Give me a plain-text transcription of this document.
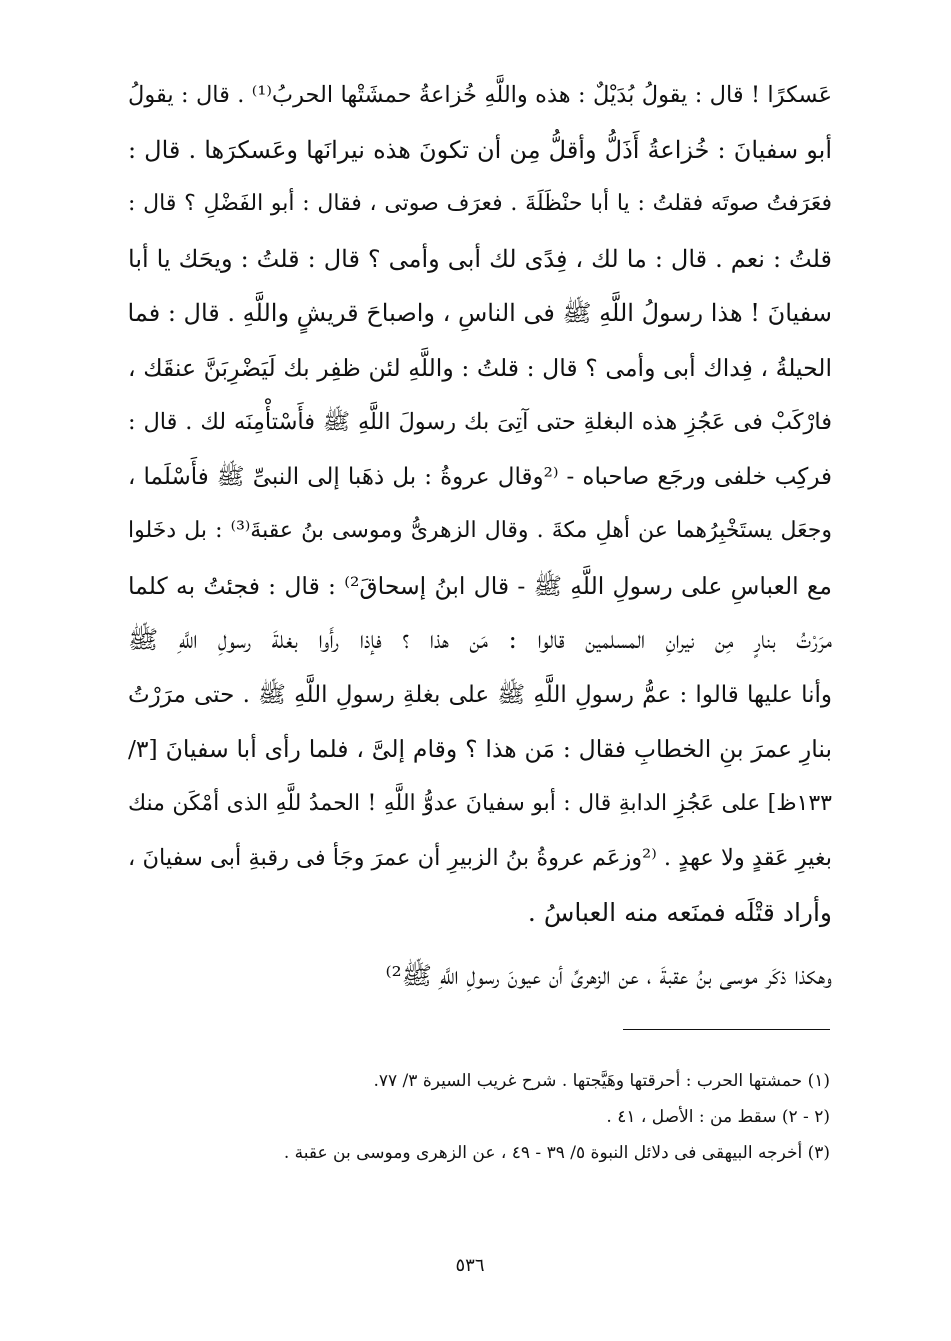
عَسكرًا ! قال : يقولُ بُدَيْلٌ : هذه واللَّهِ خُزاعةُ حمشَتْها الحربُ⁽¹⁾ . قال : يقولُ
أبو سفيانَ : خُزاعةُ أَذَلُّ وأقلُّ مِن أن تكونَ هذه نيرانَها وعَسكرَها . قال :
فعَرَفتُ صوتَه فقلتُ : يا أبا حنْظَلَةَ . فعرَف صوتى ، فقال : أبو الفَضْلِ ؟ قال :
قلتُ : نعم . قال : ما لك ، فِدًى لك أبى وأمى ؟ قال : قلتُ : ويحَك يا أبا
سفيانَ ! هذا رسولُ اللَّهِ ﷺ فى الناسِ ، واصباحَ قريشٍ واللَّهِ . قال : فما
الحيلةُ ، فِداك أبى وأمى ؟ قال : قلتُ : واللَّهِ لئن ظفِر بك لَيَضْرِبَنَّ عنقَك ،
فارْكَبْ فى عَجُزِ هذه البغلةِ حتى آتِىَ بك رسولَ اللَّهِ ﷺ فأَسْتأْمِنَه لك . قال :
فركِب خلفى ورجَع صاحباه - ⁽²وقال عروةُ : بل ذهَبا إلى النبىِّ ﷺ فأَسْلَما ،
وجعَل يستَخْبِرُهما عن أهلِ مكةَ . وقال الزهرىُّ وموسى بنُ عقبةَ⁽³⁾ : بل دخَلوا
مع العباسِ على رسولِ اللَّهِ ﷺ - قال ابنُ إسحاقَ²⁾ : قال : فجئتُ به كلما
مرَرْتُ بنارٍ مِن نيرانِ المسلمين قالوا : مَن هذا ؟ فإذا رأَوا بغلةَ رسولِ اللَّهِ ﷺ
وأنا عليها قالوا : عمُّ رسولِ اللَّهِ ﷺ على بغلةِ رسولِ اللَّهِ ﷺ . حتى مرَرْتُ
بنارِ عمرَ بنِ الخطابِ فقال : مَن هذا ؟ وقام إلىَّ ، فلما رأى أبا سفيانَ [٣/
١٣٣ظ] على عَجُزِ الدابةِ قال : أبو سفيانَ عدوُّ اللَّهِ ! الحمدُ للَّهِ الذى أمْكَن منك
بغيرِ عَقدٍ ولا عهدٍ . ⁽²وزعَم عروةُ بنُ الزبيرِ أن عمرَ وجَأ فى رقبةِ أبى سفيانَ ،
وأراد قتْلَه فمنَعه منه العباسُ .
وهكذا ذكَر موسى بنُ عقبةَ ، عن الزهرىِّ أن عيونَ رسولِ اللَّهِ ﷺ²⁾
(١) حمشتها الحرب : أحرقتها وهَيَّجتها . شرح غريب السيرة ٣/ ٧٧.
(٢ - ٢) سقط من : الأصل ، ٤١ .
(٣) أخرجه البيهقى فى دلائل النبوة ٥/ ٣٩ - ٤٩ ، عن الزهرى وموسى بن عقبة .
٥٣٦
